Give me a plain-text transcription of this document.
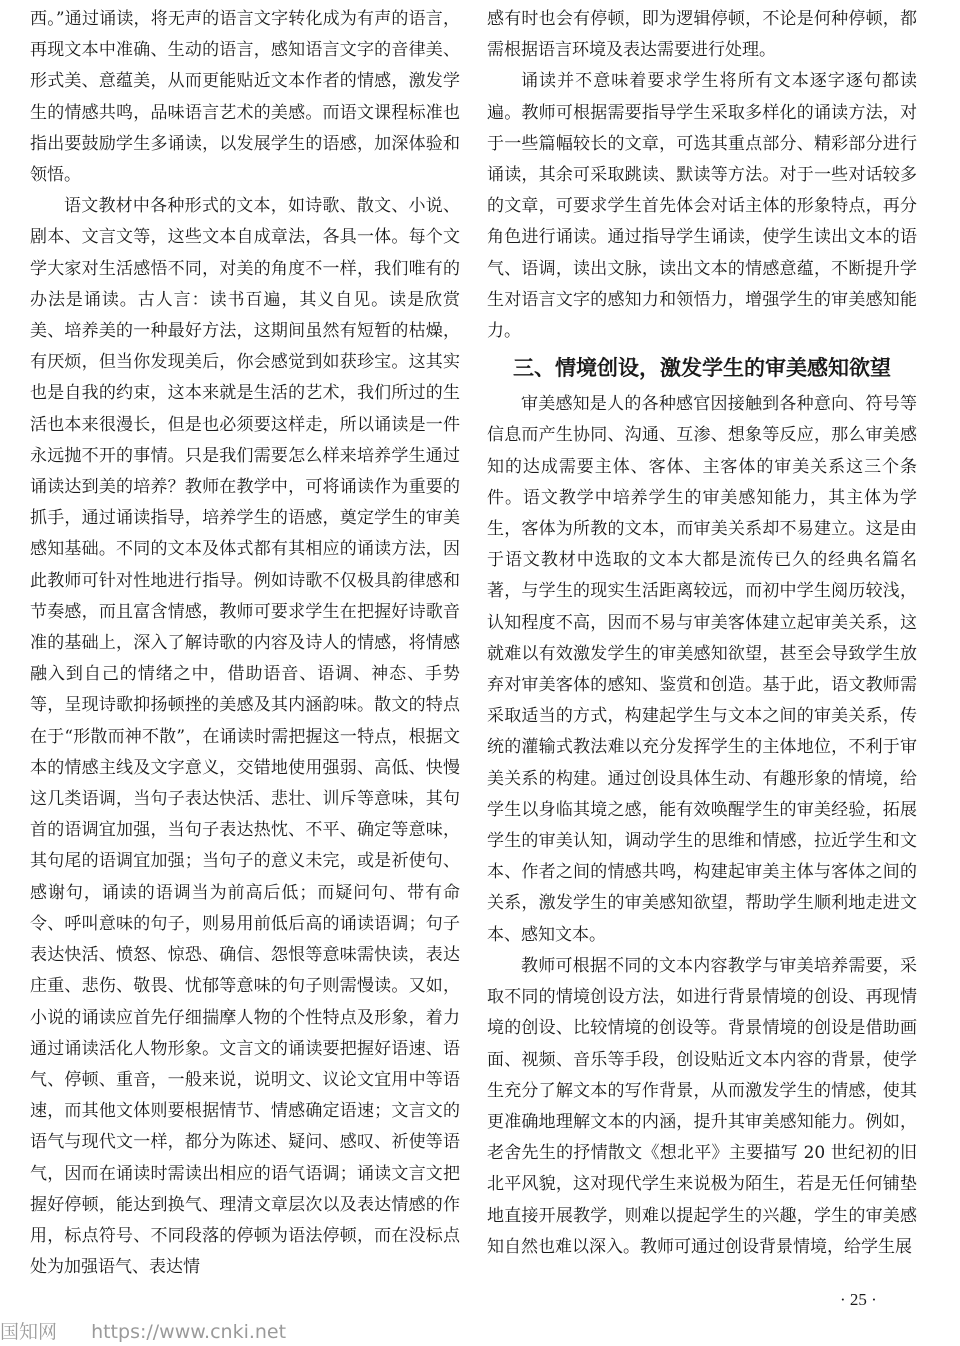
西。”通过诵读，将无声的语言文字转化成为有声的语言，再现文本中准确、生动的语言，感知语言文字的音律美、形式美、意蕴美，从而更能贴近文本作者的情感，激发学生的情感共鸣，品味语言艺术的美感。而语文课程标准也指出要鼓励学生多诵读，以发展学生的语感，加深体验和领悟。

语文教材中各种形式的文本，如诗歌、散文、小说、剧本、文言文等，这些文本自成章法，各具一体。每个文学大家对生活感悟不同，对美的角度不一样，我们唯有的办法是诵读。古人言：读书百遍，其义自见。读是欣赏美、培养美的一种最好方法，这期间虽然有短暂的枯燥，有厌烦，但当你发现美后，你会感觉到如获珍宝。这其实也是自我的约束，这本来就是生活的艺术，我们所过的生活也本来很漫长，但是也必须要这样走，所以诵读是一件永远抛不开的事情。只是我们需要怎么样来培养学生通过诵读达到美的培养？教师在教学中，可将诵读作为重要的抓手，通过诵读指导，培养学生的语感，奠定学生的审美感知基础。不同的文本及体式都有其相应的诵读方法，因此教师可针对性地进行指导。例如诗歌不仅极具韵律感和节奏感，而且富含情感，教师可要求学生在把握好诗歌音准的基础上，深入了解诗歌的内容及诗人的情感，将情感融入到自己的情绪之中，借助语音、语调、神态、手势等，呈现诗歌抑扬顿挫的美感及其内涵韵味。散文的特点在于“形散而神不散”，在诵读时需把握这一特点，根据文本的情感主线及文字意义，交错地使用强弱、高低、快慢这几类语调，当句子表达快活、悲壮、训斥等意味，其句首的语调宜加强，当句子表达热忱、不平、确定等意味，其句尾的语调宜加强；当句子的意义未完，或是祈使句、感谢句，诵读的语调当为前高后低；而疑问句、带有命令、呼叫意味的句子，则易用前低后高的诵读语调；句子表达快活、愤怒、惊恐、确信、怨恨等意味需快读，表达庄重、悲伤、敬畏、忧郁等意味的句子则需慢读。又如，小说的诵读应首先仔细揣摩人物的个性特点及形象，着力通过诵读活化人物形象。文言文的诵读要把握好语速、语气、停顿、重音，一般来说，说明文、议论文宜用中等语速，而其他文体则要根据情节、情感确定语速；文言文的语气与现代文一样，都分为陈述、疑问、感叹、祈使等语气，因而在诵读时需读出相应的语气语调；诵读文言文把握好停顿，能达到换气、理清文章层次以及表达情感的作用，标点符号、不同段落的停顿为语法停顿，而在没标点处为加强语气、表达情

感有时也会有停顿，即为逻辑停顿，不论是何种停顿，都需根据语言环境及表达需要进行处理。

诵读并不意味着要求学生将所有文本逐字逐句都读遍。教师可根据需要指导学生采取多样化的诵读方法，对于一些篇幅较长的文章，可选其重点部分、精彩部分进行诵读，其余可采取跳读、默读等方法。对于一些对话较多的文章，可要求学生首先体会对话主体的形象特点，再分角色进行诵读。通过指导学生诵读，使学生读出文本的语气、语调，读出文脉，读出文本的情感意蕴，不断提升学生对语言文字的感知力和领悟力，增强学生的审美感知能力。

三、情境创设，激发学生的审美感知欲望

审美感知是人的各种感官因接触到各种意向、符号等信息而产生协同、沟通、互渗、想象等反应，那么审美感知的达成需要主体、客体、主客体的审美关系这三个条件。语文教学中培养学生的审美感知能力，其主体为学生，客体为所教的文本，而审美关系却不易建立。这是由于语文教材中选取的文本大都是流传已久的经典名篇名著，与学生的现实生活距离较远，而初中学生阅历较浅，认知程度不高，因而不易与审美客体建立起审美关系，这就难以有效激发学生的审美感知欲望，甚至会导致学生放弃对审美客体的感知、鉴赏和创造。基于此，语文教师需采取适当的方式，构建起学生与文本之间的审美关系，传统的灌输式教法难以充分发挥学生的主体地位，不利于审美关系的构建。通过创设具体生动、有趣形象的情境，给学生以身临其境之感，能有效唤醒学生的审美经验，拓展学生的审美认知，调动学生的思维和情感，拉近学生和文本、作者之间的情感共鸣，构建起审美主体与客体之间的关系，激发学生的审美感知欲望，帮助学生顺利地走进文本、感知文本。

教师可根据不同的文本内容教学与审美培养需要，采取不同的情境创设方法，如进行背景情境的创设、再现情境的创设、比较情境的创设等。背景情境的创设是借助画面、视频、音乐等手段，创设贴近文本内容的背景，使学生充分了解文本的写作背景，从而激发学生的情感，使其更准确地理解文本的内涵，提升其审美感知能力。例如，老舍先生的抒情散文《想北平》主要描写 20 世纪初的旧北平风貌，这对现代学生来说极为陌生，若是无任何铺垫地直接开展教学，则难以提起学生的兴趣，学生的审美感知自然也难以深入。教师可通过创设背景情境，给学生展

· 25 ·
国知网 https://www.cnki.net
